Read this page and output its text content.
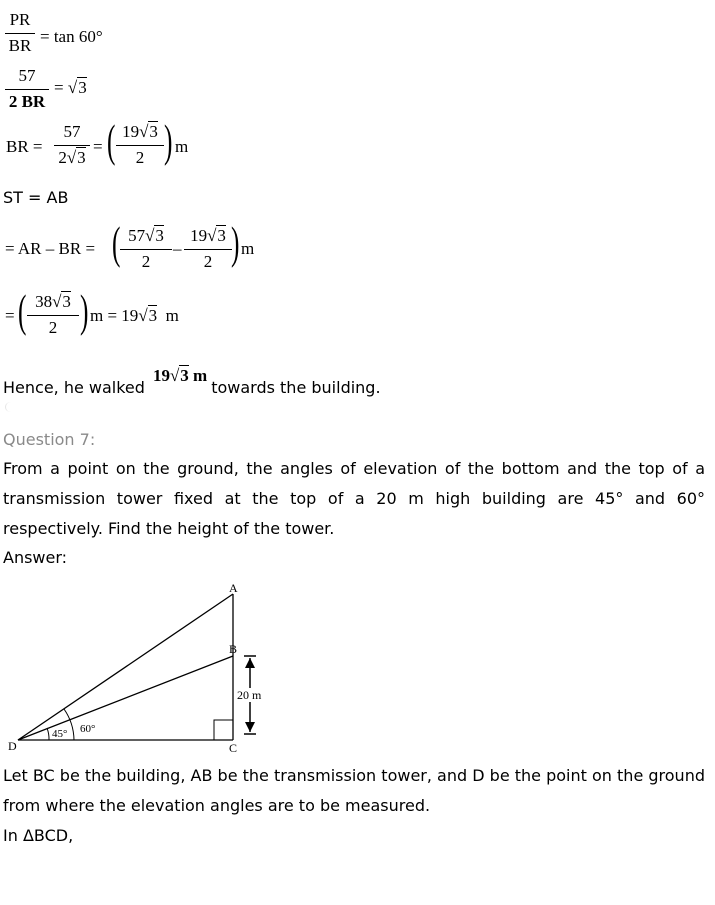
PR
BR = tan 60°
57
2 BR
= √3
BR =
57
2√3
= ( 19√3
2 ) m
ST = AB
= AR – BR = ( 57√3
2
–
19√3
2 ) m
= ( 38√3
2 ) m = 19√3 m
Hence, he walked 19√3 m towards the building.
Question 7:
From a point on the ground, the angles of elevation of the bottom and the top of a transmission tower fixed at the top of a 20 m high building are 45° and 60° respectively. Find the height of the tower.
Answer:
A
B
C
D
45° 60°
20 m
Let BC be the building, AB be the transmission tower, and D be the point on the ground from where the elevation angles are to be measured.
In ΔBCD,
